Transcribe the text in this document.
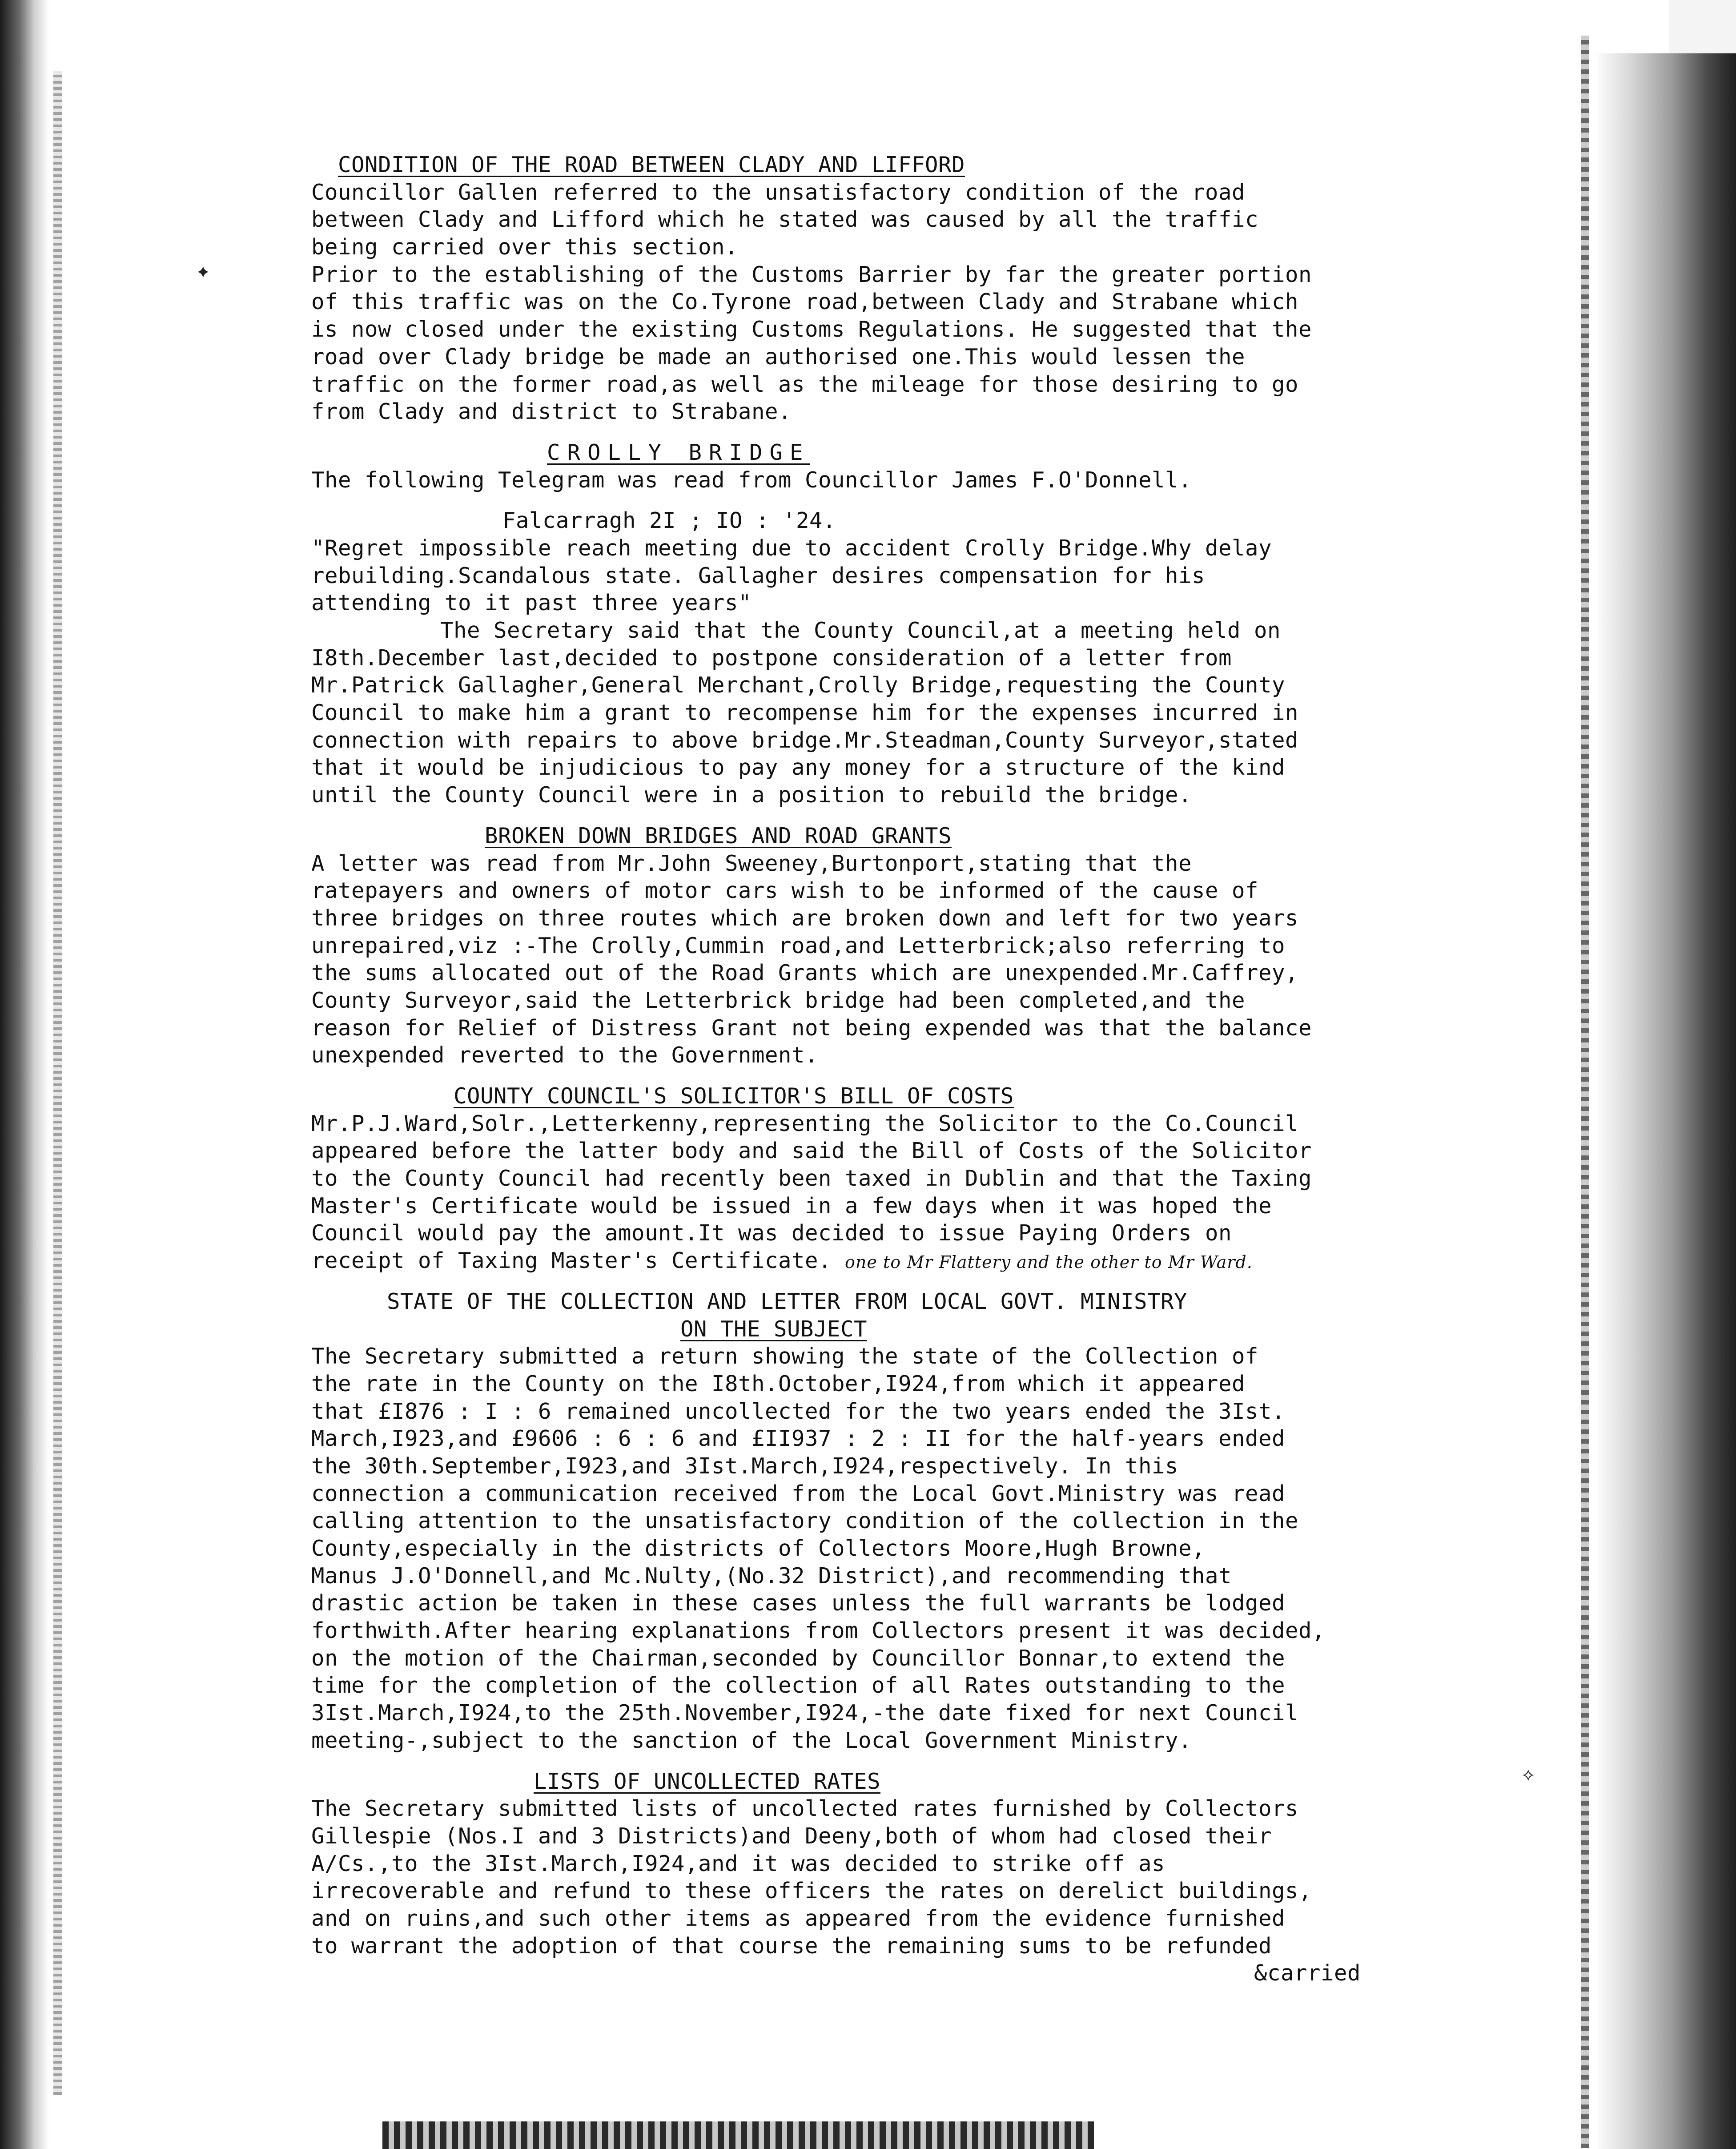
CONDITION OF THE ROAD BETWEEN CLADY AND LIFFORD
Councillor Gallen referred to the unsatisfactory condition of the road
between Clady and Lifford which he stated was caused by all the traffic
being carried over this section.
Prior to the establishing of the Customs Barrier by far the greater portion
of this traffic was on the Co.Tyrone road,between Clady and Strabane which
is now closed under the existing Customs Regulations. He suggested that the
road over Clady bridge be made an authorised one.This would lessen the
traffic on the former road,as well as the mileage for those desiring to go
from Clady and district to Strabane.
CROLLY BRIDGE
The following Telegram was read from Councillor James F.O'Donnell.
Falcarragh 2I ; IO : '24.
"Regret impossible reach meeting due to accident Crolly Bridge.Why delay
rebuilding.Scandalous state. Gallagher desires compensation for his
attending to it past three years"
The Secretary said that the County Council,at a meeting held on
I8th.December last,decided to postpone consideration of a letter from
Mr.Patrick Gallagher,General Merchant,Crolly Bridge,requesting the County
Council to make him a grant to recompense him for the expenses incurred in
connection with repairs to above bridge.Mr.Steadman,County Surveyor,stated
that it would be injudicious to pay any money for a structure of the kind
until the County Council were in a position to rebuild the bridge.
BROKEN DOWN BRIDGES AND ROAD GRANTS
A letter was read from Mr.John Sweeney,Burtonport,stating that the
ratepayers and owners of motor cars wish to be informed of the cause of
three bridges on three routes which are broken down and left for two years
unrepaired,viz :-The Crolly,Cummin road,and Letterbrick;also referring to
the sums allocated out of the Road Grants which are unexpended.Mr.Caffrey,
County Surveyor,said the Letterbrick bridge had been completed,and the
reason for Relief of Distress Grant not being expended was that the balance
unexpended reverted to the Government.
COUNTY COUNCIL'S SOLICITOR'S BILL OF COSTS
Mr.P.J.Ward,Solr.,Letterkenny,representing the Solicitor to the Co.Council
appeared before the latter body and said the Bill of Costs of the Solicitor
to the County Council had recently been taxed in Dublin and that the Taxing
Master's Certificate would be issued in a few days when it was hoped the
Council would pay the amount.It was decided to issue Paying Orders on
receipt of Taxing Master's Certificate. one to Mr Flattery and the other to Mr Ward.
STATE OF THE COLLECTION AND LETTER FROM LOCAL GOVT. MINISTRY
ON THE SUBJECT
The Secretary submitted a return showing the state of the Collection of
the rate in the County on the I8th.October,I924,from which it appeared
that £I876 : I : 6 remained uncollected for the two years ended the 3Ist.
March,I923,and £9606 : 6 : 6 and £II937 : 2 : II for the half-years ended
the 30th.September,I923,and 3Ist.March,I924,respectively. In this
connection a communication received from the Local Govt.Ministry was read
calling attention to the unsatisfactory condition of the collection in the
County,especially in the districts of Collectors Moore,Hugh Browne,
Manus J.O'Donnell,and Mc.Nulty,(No.32 District),and recommending that
drastic action be taken in these cases unless the full warrants be lodged
forthwith.After hearing explanations from Collectors present it was decided,
on the motion of the Chairman,seconded by Councillor Bonnar,to extend the
time for the completion of the collection of all Rates outstanding to the
3Ist.March,I924,to the 25th.November,I924,-the date fixed for next Council
meeting-,subject to the sanction of the Local Government Ministry.
LISTS OF UNCOLLECTED RATES
The Secretary submitted lists of uncollected rates furnished by Collectors
Gillespie (Nos.I and 3 Districts)and Deeny,both of whom had closed their
A/Cs.,to the 3Ist.March,I924,and it was decided to strike off as
irrecoverable and refund to these officers the rates on derelict buildings,
and on ruins,and such other items as appeared from the evidence furnished
to warrant the adoption of that course the remaining sums to be refunded
&carried
✦
✧
